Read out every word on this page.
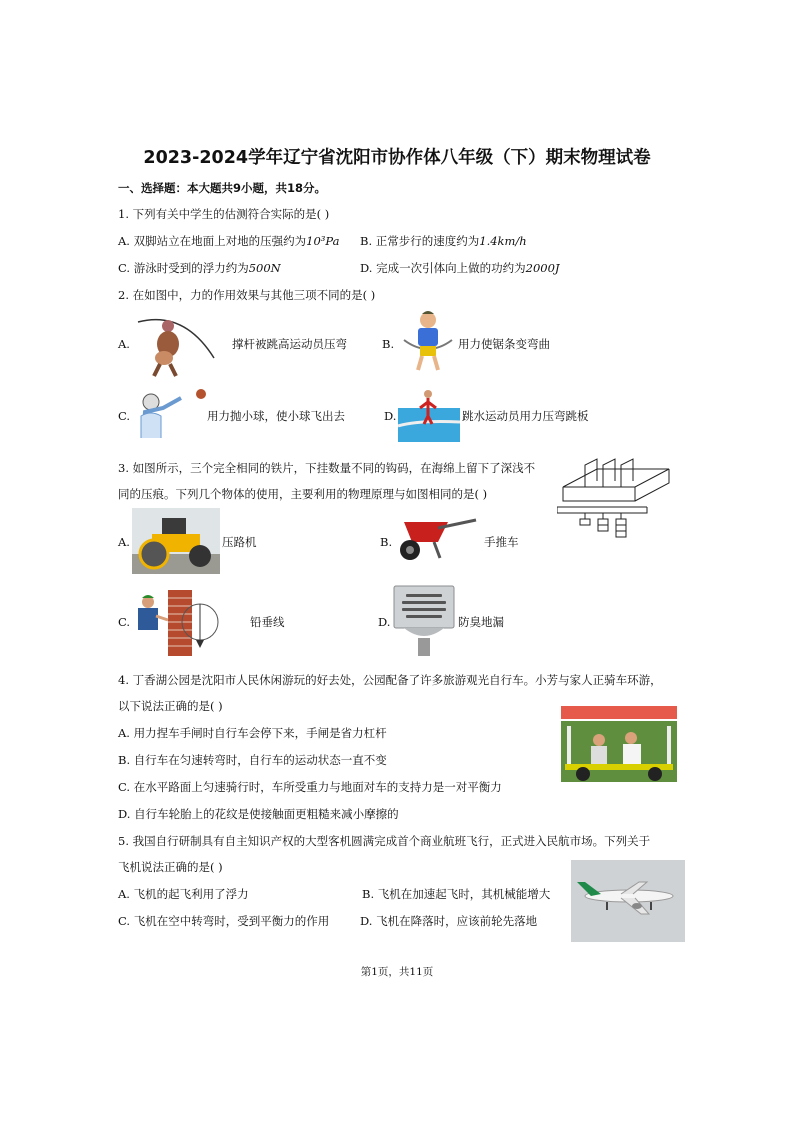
2023-2024学年辽宁省沈阳市协作体八年级（下）期末物理试卷
一、选择题：本大题共9小题，共18分。
1. 下列有关中学生的估测符合实际的是( )
A. 双脚站立在地面上对地的压强约为10³Pa B. 正常步行的速度约为1.4km/h
C. 游泳时受到的浮力约为500N	D. 完成一次引体向上做的功约为2000J
2. 在如图中，力的作用效果与其他三项不同的是( )
A.	撑杆被跳高运动员压弯	B.	用力使锯条变弯曲
C.	用力抛小球，使小球飞出去	D.	跳水运动员用力压弯跳板
3. 如图所示，三个完全相同的铁片，下挂数量不同的钩码，在海绵上留下了深浅不
同的压痕。下列几个物体的使用，主要利用的物理原理与如图相同的是( )
A.	压路机	B.	手推车
C.	铅垂线	D.	防臭地漏
4. 丁香湖公园是沈阳市人民休闲游玩的好去处，公园配备了许多旅游观光自行车。小芳与家人正骑车环游，
以下说法正确的是( )
A. 用力捏车手闸时自行车会停下来，手闸是省力杠杆
B. 自行车在匀速转弯时，自行车的运动状态一直不变
C. 在水平路面上匀速骑行时，车所受重力与地面对车的支持力是一对平衡力
D. 自行车轮胎上的花纹是使接触面更粗糙来减小摩擦的
5. 我国自行研制具有自主知识产权的大型客机圆满完成首个商业航班飞行，正式进入民航市场。下列关于
飞机说法正确的是( )
A. 飞机的起飞利用了浮力	B. 飞机在加速起飞时，其机械能增大
C. 飞机在空中转弯时，受到平衡力的作用	D. 飞机在降落时，应该前轮先落地
第1页，共11页
